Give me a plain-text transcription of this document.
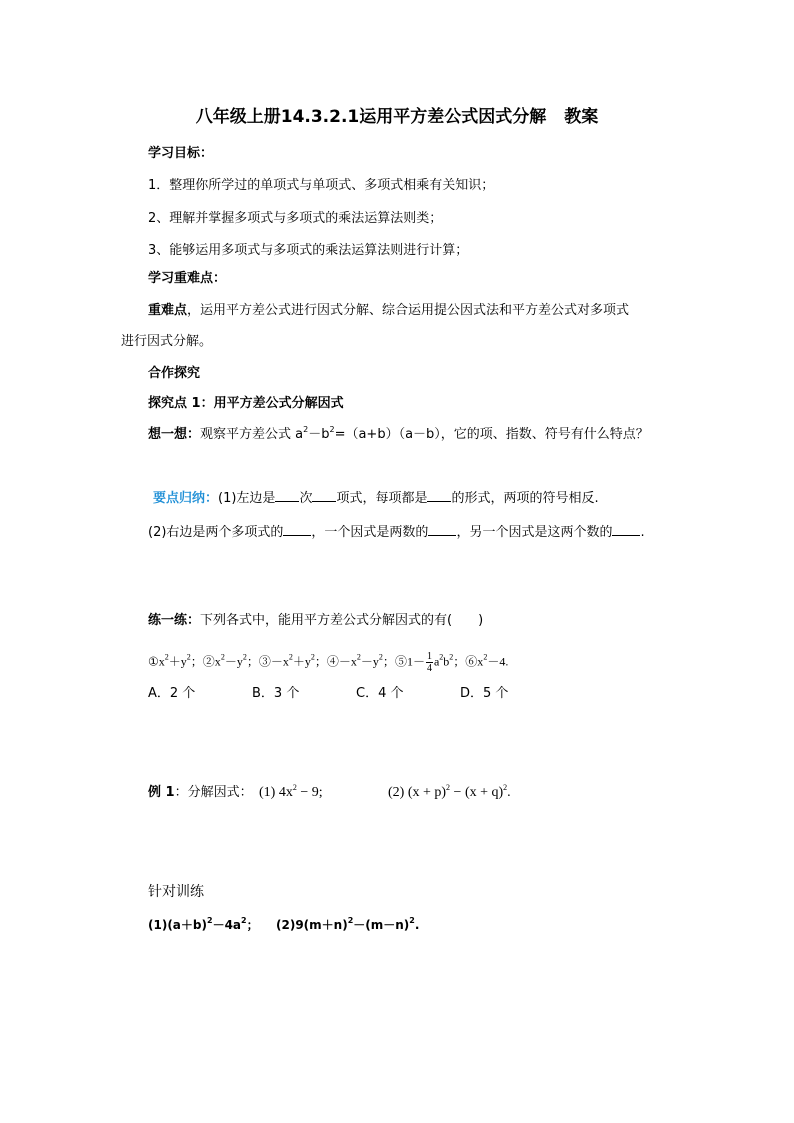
八年级上册14.3.2.1运用平方差公式因式分解 教案
学习目标：
1．整理你所学过的单项式与单项式、多项式相乘有关知识；
2、理解并掌握多项式与多项式的乘法运算法则类；
3、能够运用多项式与多项式的乘法运算法则进行计算；
学习重难点：
重难点，运用平方差公式进行因式分解、综合运用提公因式法和平方差公式对多项式
进行因式分解。
合作探究
探究点 1：用平方差公式分解因式
想一想：观察平方差公式 $a^2-b^2=(a+b)(a-b)$，它的项、指数、符号有什么特点？
要点归纳：(1)左边是 次 项式，每项都是 的形式，两项的符号相反.
(2)右边是两个多项式的 ，一个因式是两数的 ，另一个因式是这两个数的 .
练一练：下列各式中，能用平方差公式分解因式的有(　　)
$①x^2+y^2$；$②x^2-y^2$；$③-x^2+y^2$；$④-x^2-y^2$；⑤1－ $\frac{1}{4} a^2b^2$；$⑥x^2-4$.
A．2 个	B．3 个	C．4 个	D．5 个
例 1：分解因式： (1) $4x^2 - 9$;	(2) $(x + p)^2 - (x + q)^2$.
针对训练
$(1)(a+b)^2-4a^2$； $(2)9(m+n)^2-(m-n)^2$.
